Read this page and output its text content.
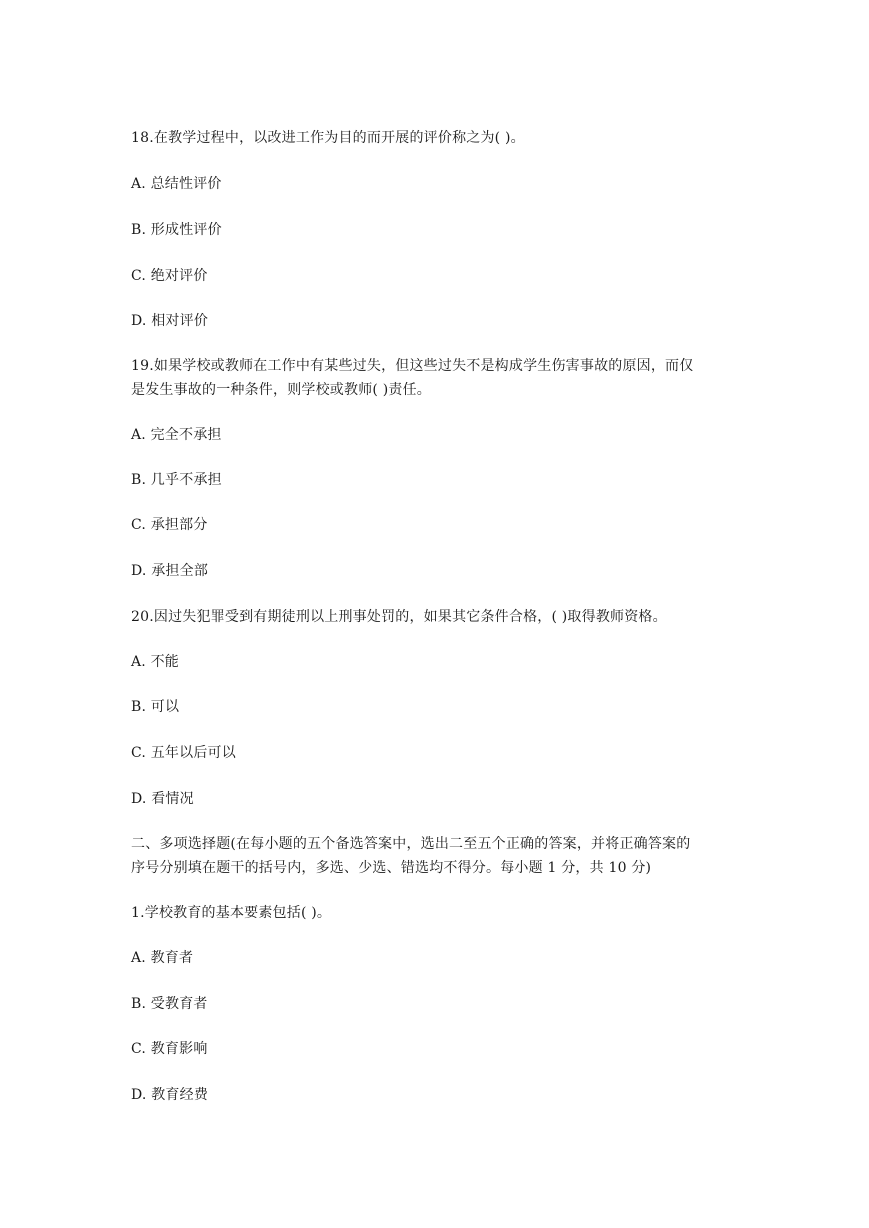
18.在教学过程中，以改进工作为目的而开展的评价称之为( )。
A. 总结性评价
B. 形成性评价
C. 绝对评价
D. 相对评价
19.如果学校或教师在工作中有某些过失，但这些过失不是构成学生伤害事故的原因，而仅
是发生事故的一种条件，则学校或教师( )责任。
A. 完全不承担
B. 几乎不承担
C. 承担部分
D. 承担全部
20.因过失犯罪受到有期徒刑以上刑事处罚的，如果其它条件合格，( )取得教师资格。
A. 不能
B. 可以
C. 五年以后可以
D. 看情况
二、多项选择题(在每小题的五个备选答案中，选出二至五个正确的答案，并将正确答案的
序号分别填在题干的括号内，多选、少选、错选均不得分。每小题 1 分，共 10 分)
1.学校教育的基本要素包括( )。
A. 教育者
B. 受教育者
C. 教育影响
D. 教育经费
